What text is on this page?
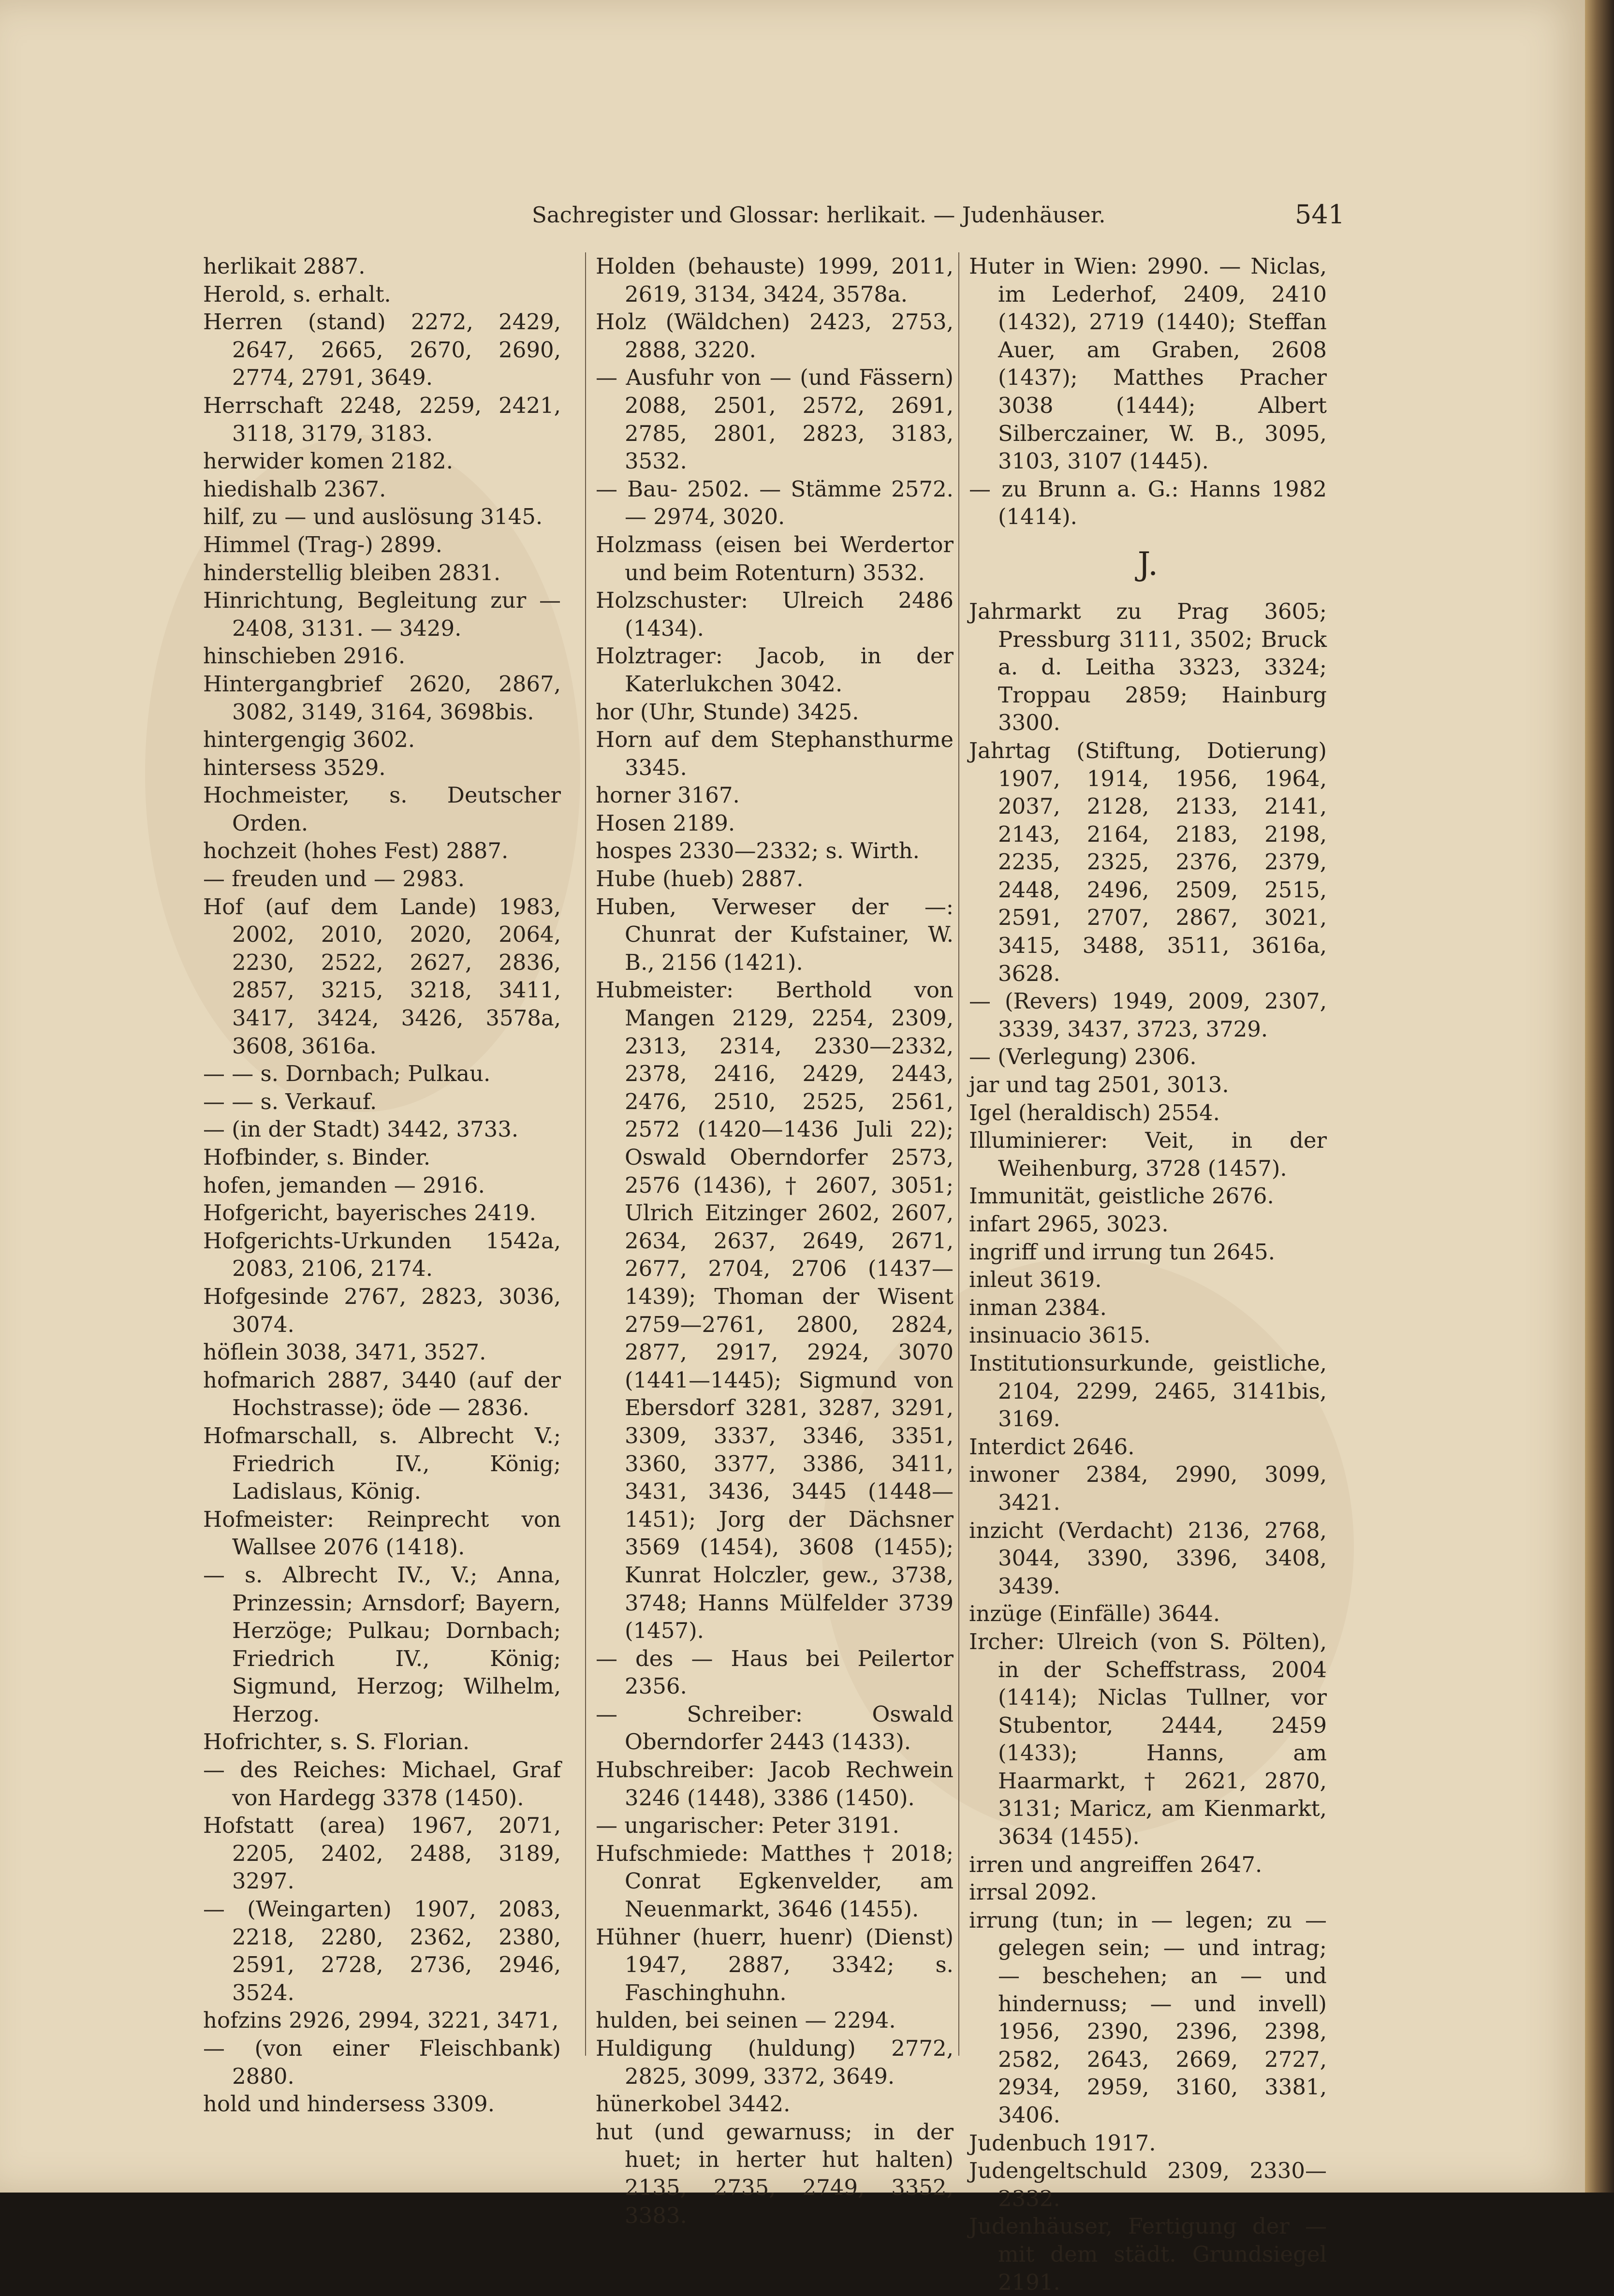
Sachregister und Glossar: herlikait. — Judenhäuser.	541
herlikait 2887.
Herold, s. erhalt.
Herren (stand) 2272, 2429, 2647, 2665, 2670, 2690, 2774, 2791, 3649.
Herrschaft 2248, 2259, 2421, 3118, 3179, 3183.
herwider komen 2182.
hiedishalb 2367.
hilf, zu — und auslösung 3145.
Himmel (Trag-) 2899.
hinderstellig bleiben 2831.
Hinrichtung, Begleitung zur — 2408, 3131. — 3429.
hinschieben 2916.
Hintergangbrief 2620, 2867, 3082, 3149, 3164, 3698bis.
hintergengig 3602.
hintersess 3529.
Hochmeister, s. Deutscher Orden.
hochzeit (hohes Fest) 2887.
— freuden und — 2983.
Hof (auf dem Lande) 1983, 2002, 2010, 2020, 2064, 2230, 2522, 2627, 2836, 2857, 3215, 3218, 3411, 3417, 3424, 3426, 3578a, 3608, 3616a.
— — s. Dornbach; Pulkau.
— — s. Verkauf.
— (in der Stadt) 3442, 3733.
Hofbinder, s. Binder.
hofen, jemanden — 2916.
Hofgericht, bayerisches 2419.
Hofgerichts-Urkunden 1542a, 2083, 2106, 2174.
Hofgesinde 2767, 2823, 3036, 3074.
höflein 3038, 3471, 3527.
hofmarich 2887, 3440 (auf der Hochstrasse); öde — 2836.
Hofmarschall, s. Albrecht V.; Friedrich IV., König; Ladislaus, König.
Hofmeister: Reinprecht von Wallsee 2076 (1418).
— s. Albrecht IV., V.; Anna, Prinzessin; Arnsdorf; Bayern, Herzöge; Pulkau; Dornbach; Friedrich IV., König; Sigmund, Herzog; Wilhelm, Herzog.
Hofrichter, s. S. Florian.
— des Reiches: Michael, Graf von Hardegg 3378 (1450).
Hofstatt (area) 1967, 2071, 2205, 2402, 2488, 3189, 3297.
— (Weingarten) 1907, 2083, 2218, 2280, 2362, 2380, 2591, 2728, 2736, 2946, 3524.
hofzins 2926, 2994, 3221, 3471,
— (von einer Fleischbank) 2880.
hold und hindersess 3309.
Holden (behauste) 1999, 2011, 2619, 3134, 3424, 3578a.
Holz (Wäldchen) 2423, 2753, 2888, 3220.
— Ausfuhr von — (und Fässern) 2088, 2501, 2572, 2691, 2785, 2801, 2823, 3183, 3532.
— Bau- 2502. — Stämme 2572. — 2974, 3020.
Holzmass (eisen bei Werdertor und beim Rotenturn) 3532.
Holzschuster: Ulreich 2486 (1434).
Holztrager: Jacob, in der Katerlukchen 3042.
hor (Uhr, Stunde) 3425.
Horn auf dem Stephansthurme 3345.
horner 3167.
Hosen 2189.
hospes 2330—2332; s. Wirth.
Hube (hueb) 2887.
Huben, Verweser der —: Chunrat der Kufstainer, W. B., 2156 (1421).
Hubmeister: Berthold von Mangen 2129, 2254, 2309, 2313, 2314, 2330—2332, 2378, 2416, 2429, 2443, 2476, 2510, 2525, 2561, 2572 (1420—1436 Juli 22); Oswald Oberndorfer 2573, 2576 (1436), † 2607, 3051; Ulrich Eitzinger 2602, 2607, 2634, 2637, 2649, 2671, 2677, 2704, 2706 (1437—1439); Thoman der Wisent 2759—2761, 2800, 2824, 2877, 2917, 2924, 3070 (1441—1445); Sigmund von Ebersdorf 3281, 3287, 3291, 3309, 3337, 3346, 3351, 3360, 3377, 3386, 3411, 3431, 3436, 3445 (1448—1451); Jorg der Dächsner 3569 (1454), 3608 (1455); Kunrat Holczler, gew., 3738, 3748; Hanns Mülfelder 3739 (1457).
— des — Haus bei Peilertor 2356.
— Schreiber: Oswald Oberndorfer 2443 (1433).
Hubschreiber: Jacob Rechwein 3246 (1448), 3386 (1450).
— ungarischer: Peter 3191.
Hufschmiede: Matthes † 2018; Conrat Egkenvelder, am Neuenmarkt, 3646 (1455).
Hühner (huerr, huenr) (Dienst) 1947, 2887, 3342; s. Faschinghuhn.
hulden, bei seinen — 2294.
Huldigung (huldung) 2772, 2825, 3099, 3372, 3649.
hünerkobel 3442.
hut (und gewarnuss; in der huet; in herter hut halten) 2135, 2735, 2749, 3352, 3383.
Huter in Wien: 2990. — Niclas, im Lederhof, 2409, 2410 (1432), 2719 (1440); Steffan Auer, am Graben, 2608 (1437); Matthes Pracher 3038 (1444); Albert Silberczainer, W. B., 3095, 3103, 3107 (1445).
— zu Brunn a. G.: Hanns 1982 (1414).
J.
Jahrmarkt zu Prag 3605; Pressburg 3111, 3502; Bruck a. d. Leitha 3323, 3324; Troppau 2859; Hainburg 3300.
Jahrtag (Stiftung, Dotierung) 1907, 1914, 1956, 1964, 2037, 2128, 2133, 2141, 2143, 2164, 2183, 2198, 2235, 2325, 2376, 2379, 2448, 2496, 2509, 2515, 2591, 2707, 2867, 3021, 3415, 3488, 3511, 3616a, 3628.
— (Revers) 1949, 2009, 2307, 3339, 3437, 3723, 3729.
— (Verlegung) 2306.
jar und tag 2501, 3013.
Igel (heraldisch) 2554.
Illuminierer: Veit, in der Weihenburg, 3728 (1457).
Immunität, geistliche 2676.
infart 2965, 3023.
ingriff und irrung tun 2645.
inleut 3619.
inman 2384.
insinuacio 3615.
Institutionsurkunde, geistliche, 2104, 2299, 2465, 3141bis, 3169.
Interdict 2646.
inwoner 2384, 2990, 3099, 3421.
inzicht (Verdacht) 2136, 2768, 3044, 3390, 3396, 3408, 3439.
inzüge (Einfälle) 3644.
Ircher: Ulreich (von S. Pölten), in der Scheffstrass, 2004 (1414); Niclas Tullner, vor Stubentor, 2444, 2459 (1433); Hanns, am Haarmarkt, † 2621, 2870, 3131; Maricz, am Kienmarkt, 3634 (1455).
irren und angreiffen 2647.
irrsal 2092.
irrung (tun; in — legen; zu — gelegen sein; — und intrag; — beschehen; an — und hindernuss; — und invell) 1956, 2390, 2396, 2398, 2582, 2643, 2669, 2727, 2934, 2959, 3160, 3381, 3406.
Judenbuch 1917.
Judengeltschuld 2309, 2330—2332.
Judenhäuser, Fertigung der — mit dem städt. Grundsiegel 2191.
